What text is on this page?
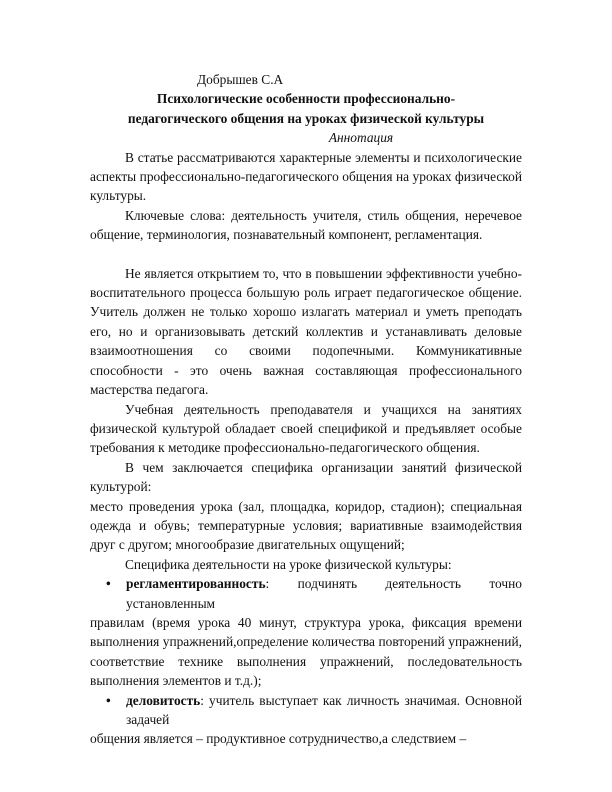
Добрышев С.А
Психологические особенности профессионально-
педагогического общения на уроках физической культуры
Аннотация

В статье рассматриваются характерные элементы и психологические аспекты профессионально-педагогического общения на уроках физической культуры.

Ключевые слова: деятельность учителя, стиль общения, неречевое общение, терминология, познавательный компонент, регламентация.

Не является открытием то, что в повышении эффективности учебно-воспитательного процесса большую роль играет педагогическое общение. Учитель должен не только хорошо излагать материал и уметь преподать его, но и организовывать детский коллектив и устанавливать деловые взаимоотношения со своими подопечными. Коммуникативные способности - это очень важная составляющая профессионального мастерства педагога.

Учебная деятельность преподавателя и учащихся на занятиях физической культурой обладает своей спецификой и предъявляет особые требования к методике профессионально-педагогического общения.

В чем заключается специфика организации занятий физической культурой:

место проведения урока (зал, площадка, коридор, стадион); специальная одежда и обувь; температурные условия; вариативные взаимодействия друг с другом; многообразие двигательных ощущений;

Специфика деятельности на уроке физической культуры:

• регламентированность: подчинять деятельность точно установленным

правилам (время урока 40 минут, структура урока, фиксация времени выполнения упражнений,определение количества повторений упражнений, соответствие технике выполнения упражнений, последовательность выполнения элементов и т.д.);

• деловитость: учитель выступает как личность значимая. Основной задачей

общения является – продуктивное сотрудничество,а следствием –
